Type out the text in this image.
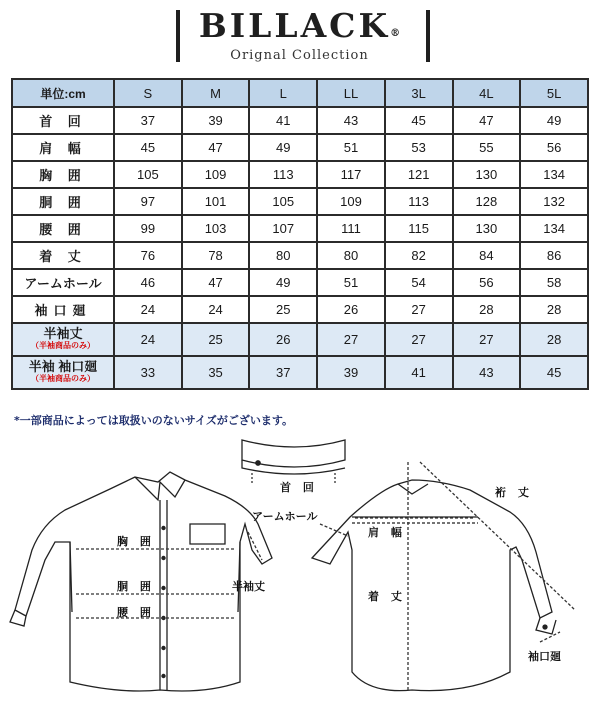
BILLACK®
Orignal Collection
単位:cm	S	M	L	LL	3L	4L	5L
首 回	37	39	41	43	45	47	49
肩 幅	45	47	49	51	53	55	56
胸 囲	105	109	113	117	121	130	134
胴 囲	97	101	105	109	113	128	132
腰 囲	99	103	107	111	115	130	134
着 丈	76	78	80	80	82	84	86
アームホール	46	47	49	51	54	56	58
袖口廻	24	24	25	26	27	28	28
半袖丈
（半袖商品のみ）	24	25	26	27	27	27	28
半袖 袖口廻
（半袖商品のみ）	33	35	37	39	41	43	45
*一部商品によっては取扱いのないサイズがございます。
首 回
胸 囲
胴 囲
腰 囲
半袖丈
アームホール
肩 幅
着 丈
裄 丈
袖口廻
